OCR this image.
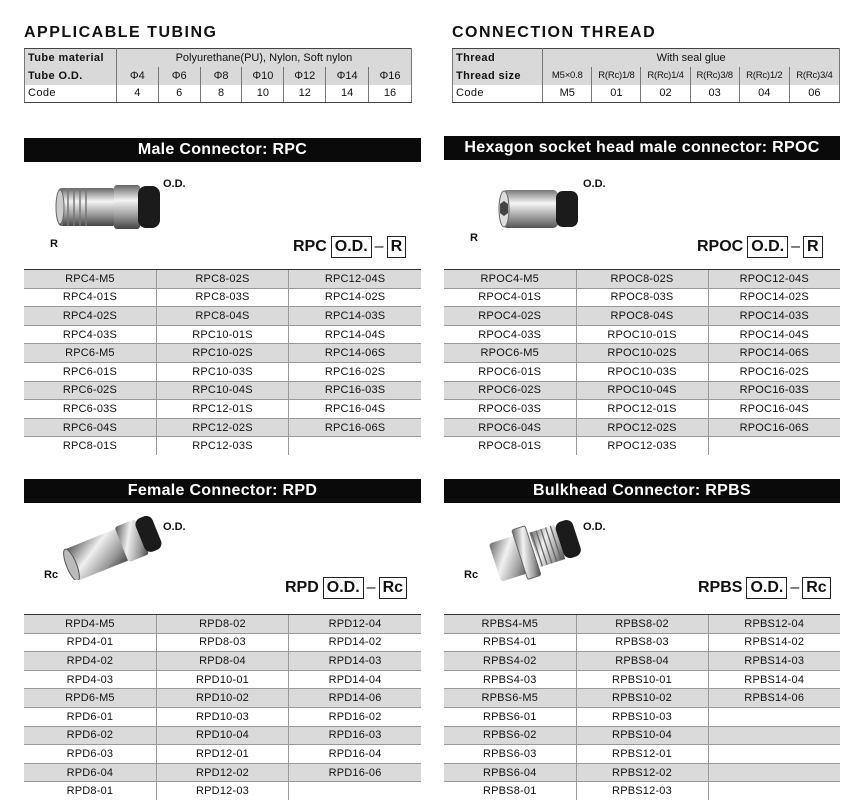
APPLICABLE TUBING
Tube material	Polyurethane(PU), Nylon, Soft nylon						
Tube O.D.	Φ4	Φ6	Φ8	Φ10	Φ12	Φ14	Φ16
Code	4	6	8	10	12	14	16
CONNECTION THREAD
Thread	With seal glue					
Thread size	M5×0.8	R(Rc)1/8	R(Rc)1/4	R(Rc)3/8	R(Rc)1/2	R(Rc)3/4
Code	M5	01	02	03	04	06
Male Connector: RPC
O.D.
R	RPC O.D. – R
RPC4-M5	RPC8-02S	RPC12-04S
RPC4-01S	RPC8-03S	RPC14-02S
RPC4-02S	RPC8-04S	RPC14-03S
RPC4-03S	RPC10-01S	RPC14-04S
RPC6-M5	RPC10-02S	RPC14-06S
RPC6-01S	RPC10-03S	RPC16-02S
RPC6-02S	RPC10-04S	RPC16-03S
RPC6-03S	RPC12-01S	RPC16-04S
RPC6-04S	RPC12-02S	RPC16-06S
RPC8-01S	RPC12-03S	
Hexagon socket head male connector: RPOC
O.D.
R	RPOC O.D. – R
RPOC4-M5	RPOC8-02S	RPOC12-04S
RPOC4-01S	RPOC8-03S	RPOC14-02S
RPOC4-02S	RPOC8-04S	RPOC14-03S
RPOC4-03S	RPOC10-01S	RPOC14-04S
RPOC6-M5	RPOC10-02S	RPOC14-06S
RPOC6-01S	RPOC10-03S	RPOC16-02S
RPOC6-02S	RPOC10-04S	RPOC16-03S
RPOC6-03S	RPOC12-01S	RPOC16-04S
RPOC6-04S	RPOC12-02S	RPOC16-06S
RPOC8-01S	RPOC12-03S	
Female Connector: RPD
O.D.
Rc
RPD O.D. – Rc
RPD4-M5	RPD8-02	RPD12-04
RPD4-01	RPD8-03	RPD14-02
RPD4-02	RPD8-04	RPD14-03
RPD4-03	RPD10-01	RPD14-04
RPD6-M5	RPD10-02	RPD14-06
RPD6-01	RPD10-03	RPD16-02
RPD6-02	RPD10-04	RPD16-03
RPD6-03	RPD12-01	RPD16-04
RPD6-04	RPD12-02	RPD16-06
RPD8-01	RPD12-03	
Bulkhead Connector: RPBS
O.D.
Rc
RPBS O.D. – Rc
RPBS4-M5	RPBS8-02	RPBS12-04
RPBS4-01	RPBS8-03	RPBS14-02
RPBS4-02	RPBS8-04	RPBS14-03
RPBS4-03	RPBS10-01	RPBS14-04
RPBS6-M5	RPBS10-02	RPBS14-06
RPBS6-01	RPBS10-03	
RPBS6-02	RPBS10-04	
RPBS6-03	RPBS12-01	
RPBS6-04	RPBS12-02	
RPBS8-01	RPBS12-03	
